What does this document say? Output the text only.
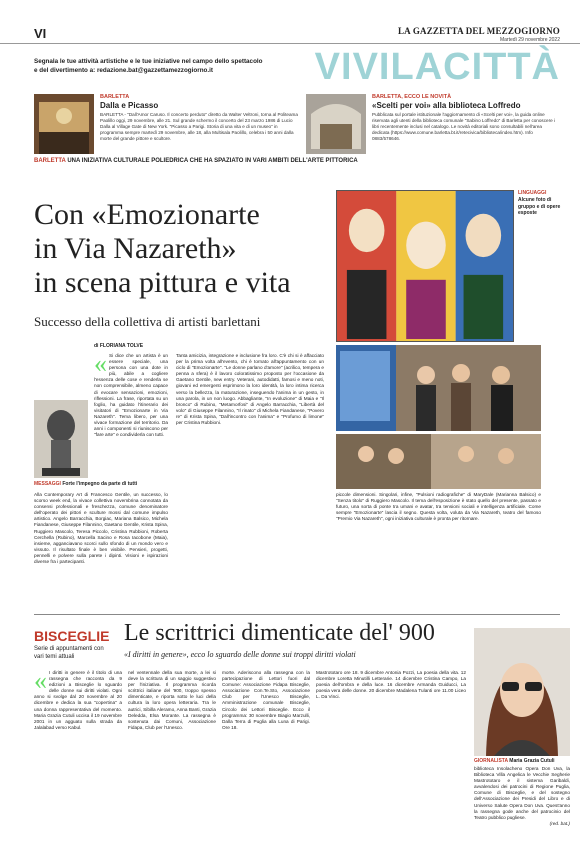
VI	LA GAZZETTA DEL MEZZOGIORNO
Martedì 29 novembre 2022
VIVILACITTÀ
Segnala le tue attività artistiche e le tue iniziative nel campo dello spettacolo e del divertimento a: redazione.bat@gazzettamezzogiorno.it
BARLETTA
Dalla e Picasso
BARLETTA - "Dall'Amor Caruso. Il concerto perduto" diretto da Walter Veltroni, torna al Politeama Paolillo oggi, 29 novembre, alle 21. Sul grande schermo il concerto del 23 marzo 1986 di Lucio Dalla al Village Gate di New York. "Picasso a Parigi. Storia di una vita e di un museo" in programma sempre martedì 29 novembre, alle 18, alla Multisala Paolillo, celebra i 50 anni dalla morte del grande pittore e scultore.
BARLETTA, ECCO LE NOVITÀ
«Scelti per voi» alla biblioteca Loffredo
Pubblicata sul portale istituzionale l'aggiornamento di «Scelti per voi», la guida online riservata agli utenti della biblioteca comunale "Sabino Loffredo" di Barletta per conoscere i libri recentemente inclusi nel catalogo. Le novità editoriali sono consultabili nell'area dedicata (https://www.comune.barletta.bt.it/retecivica/biblioteca/index.htm). Info 0883/578646.
BARLETTA UNA INIZIATIVA CULTURALE POLIEDRICA CHE HA SPAZIATO IN VARI AMBITI DELL'ARTE PITTORICA
Con «Emozionarte
in Via Nazareth»
in scena pittura e vita
Successo della collettiva di artisti barlettani
LINGUAGGI
Alcune foto di gruppo e di opere esposte
di FLORIANA TOLVE
« Si dice che un artista è un essere speciale, una persona con una dote in più, abile a cogliere l'essenza delle cose e renderla se non comprensibile, almeno capace di evocare sensazioni, emozioni, riflessioni. La frase, riportata su un foglio, ha guidato l'itinerario dei visitatori di "Emozionarte in Via Nazareth". Tema libero, per una vivace formazione del territorio. Da anni i componenti si riuniscono per "fare arte" e condividerla con tutti.
MESSAGGI Forte l'impegno da parte di tutti
Alla Contemporary Art di Francesco Gentile, un successo, lo scorso week end, la vivace collettiva novembrina connotata da consensi professionali e freschezza, comune denominatore dell'operato dei pittori e sculture mossi dal comune impulso artistico. Angelo Barracchia, Borgiac, Mariana Balsico, Michela Fiandanese, Giuseppe Filannino, Gaetano Gentile, Krista Spina, Ruggiero Mascolo, Teresa Piccolo, Cristina Rubbioni, Roberta Cerchella (Rubino), Marcella Sacino e Rosa Iacobone (Maia), insieme, agganciavano scorci sullo sfondo di un mondo vero e vissuto. Il risultato finale è ben visibile. Pensieri, progetti, pennelli e polvere sulla parete i dipinti. Visioni e ispirazioni diverse fra i partecipanti.
Tanta amicizia, integrazione e inclusione fra loro. C'è chi si è affacciato per la prima volta all'evento, chi è tornato all'appuntamento con un ciclo di "Emozionarte". "Le donne parlano d'amore" (acrilico, tempera e penna a sfera) è il lavoro coloratissimo proposto per l'occasione da Gaetano Gentile, new entry. Veterani, autodidatti, famosi e meno noti, giovani ed emergenti esprimono la loro identità, la loro intima ricerca verso la bellezza, la maturazione, inseguendo l'anima in un gesto, in una parola, in un non luogo. Abbagliante, "In evoluzione" di Maia e "Il bronco" di Rubino, "Metamorfosi" di Angelo Barracchia, "Libertà del volo" di Giuseppe Filannino, "Il rinato" di Michela Fiandanese, "Povero re" di Krista Spina, "Dall'incontro con l'anima" e "Profumo di limone" per Cristina Rubbioni.
piccole dimensioni. Singolari, infine, "Pulsioni radiografiche" di MaryDale (Marianna Balsico) e "Senza titolo" di Ruggiero Mascolo. Il tema dell'esposizione è stato quello del presente, passato e futuro, una sorta di ponte tra umani e avatar, tra tensioni sociali e intelligenza artificiale. Come sempre "Emozionarte" lascia il segno. Questa volta, voluta da Via Nazareth, teatro del famoso "Premio Via Nazareth", ogni iniziativa culturale è pronta per ritornare.
BISCEGLIE
Serie di appuntamenti con vari temi attuali
Le scrittrici dimenticate del' 900
«I diritti in genere», ecco lo sguardo delle donne sui troppi diritti violati
« I diritti in genere è il titolo di una rassegna che racconta da 9 edizioni a Bisceglie lo sguardo delle donne sui diritti violati. Ogni anno si svolge dal 20 novembre al 20 dicembre e dedica la sua "copertina" a una donna rappresentativa del momento. Maria Grazia Cutuli uccisa il 19 novembre 2001 in un agguato sulla strada da Jalalabad verso Kabul.
nel ventennale della sua morte, a lei si deve la scrittura di un saggio suggestivo per l'iniziativa. Il programma ricorda scrittrici italiane del '900, troppo spesso dimenticate, e riporta sotto le luci della cultura la loro opera letteraria. Tra le autrici, Sibilla Aleramo, Anna Banti, Grazia Deledda, Elsa Morante. La rassegna è sostenuta dai Comuni, Associazione Fidapa, Club per l'Unesco.
morte. Aderiscono alla rassegna con la partecipazione di Lettori fuori dal Comune: Associazione Fidapa Bisceglie, Associazione Con.Te.Sto, Associazione Club per l'Unesco Bisceglie, Amministrazione comunale Bisceglie, Circolo dei Lettori Bisceglie. Ecco il programma: 30 novembre Biagio Marzulli, Dalla Terra di Puglia alla Luna di Parigi. Ore 18.
Mastrototaro ore 18. 9 dicembre Antonia Pozzi, La poesia della vita. 12 dicembre Loretta Minutilli Letterarie. 14 dicembre Cristina Campo, La poesia dell'ombra e della luce. 16 dicembre Armanda Guiducci, La poesia vera delle donne. 20 dicembre Madalena Tulanti ore 11.00 Liceo L. Da Vinci.
GIORNALISTA Maria Grazia Cutuli
biblioteca Insolacheno Opera Don Uva, la Biblioteca Villa Angelica le Vecchie Segherie Mastrototaro e il sistema Garibaldi, avvalendosi dei patrocini di Regione Puglia, Comune di Bisceglie, e del sostegno dell'Associazione dei Presidi del Libro e di Universo Salute Opera Don Uva. Quest'anno la rassegna gode anche del patrocinio del Teatro pubblico pugliese.
(red. bat.)
